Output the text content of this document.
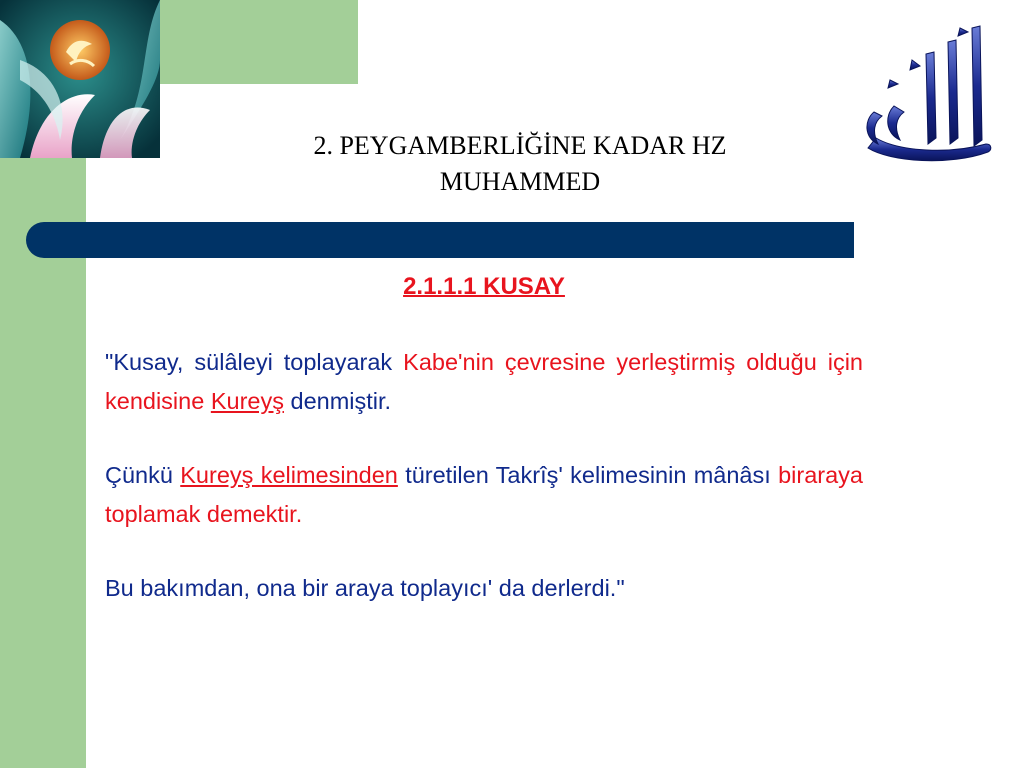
2. PEYGAMBERLİĞİNE KADAR HZ
MUHAMMED
2.1.1.1 KUSAY
"Kusay, sülâleyi toplayarak Kabe'nin çevresine yerleştirmiş olduğu için kendisine Kureyş denmiştir.
Çünkü Kureyş kelimesinden türetilen Takrîş' kelimesinin mânâsı biraraya toplamak demektir.
Bu bakımdan, ona bir araya toplayıcı' da derlerdi."
